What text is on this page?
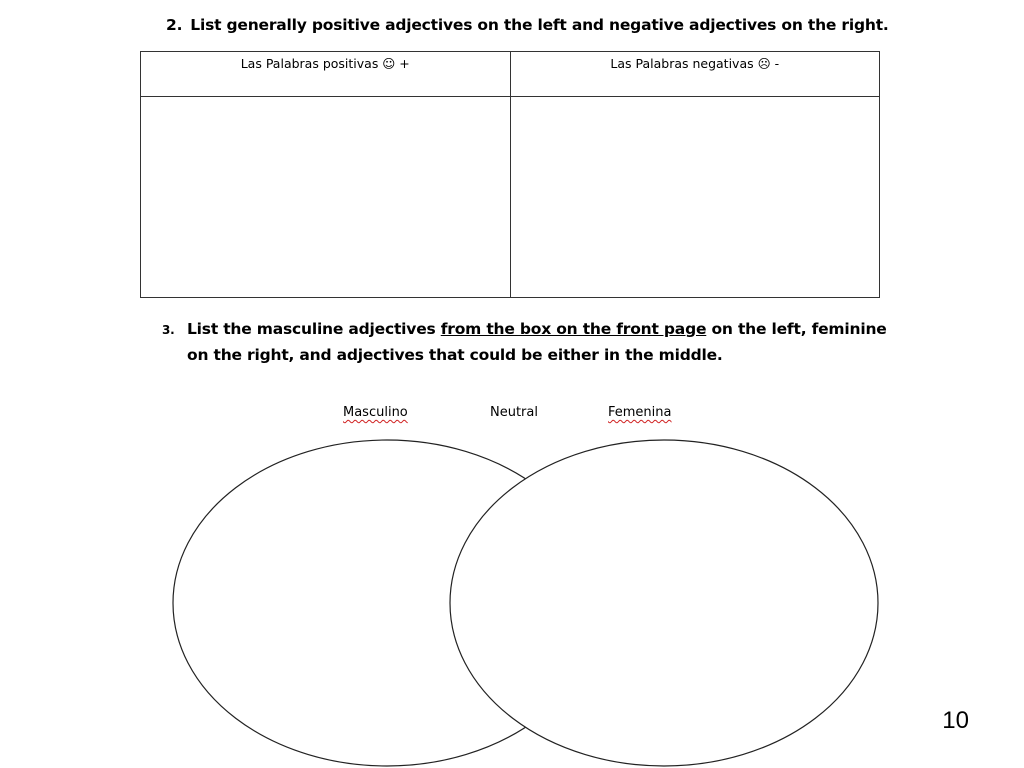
2. List generally positive adjectives on the left and negative adjectives on the right.
Las Palabras positivas ☺ +	Las Palabras negativas ☹ -

3. List the masculine adjectives from the box on the front page on the left, feminine
on the right, and adjectives that could be either in the middle.
Masculino	Neutral	Femenina
10
